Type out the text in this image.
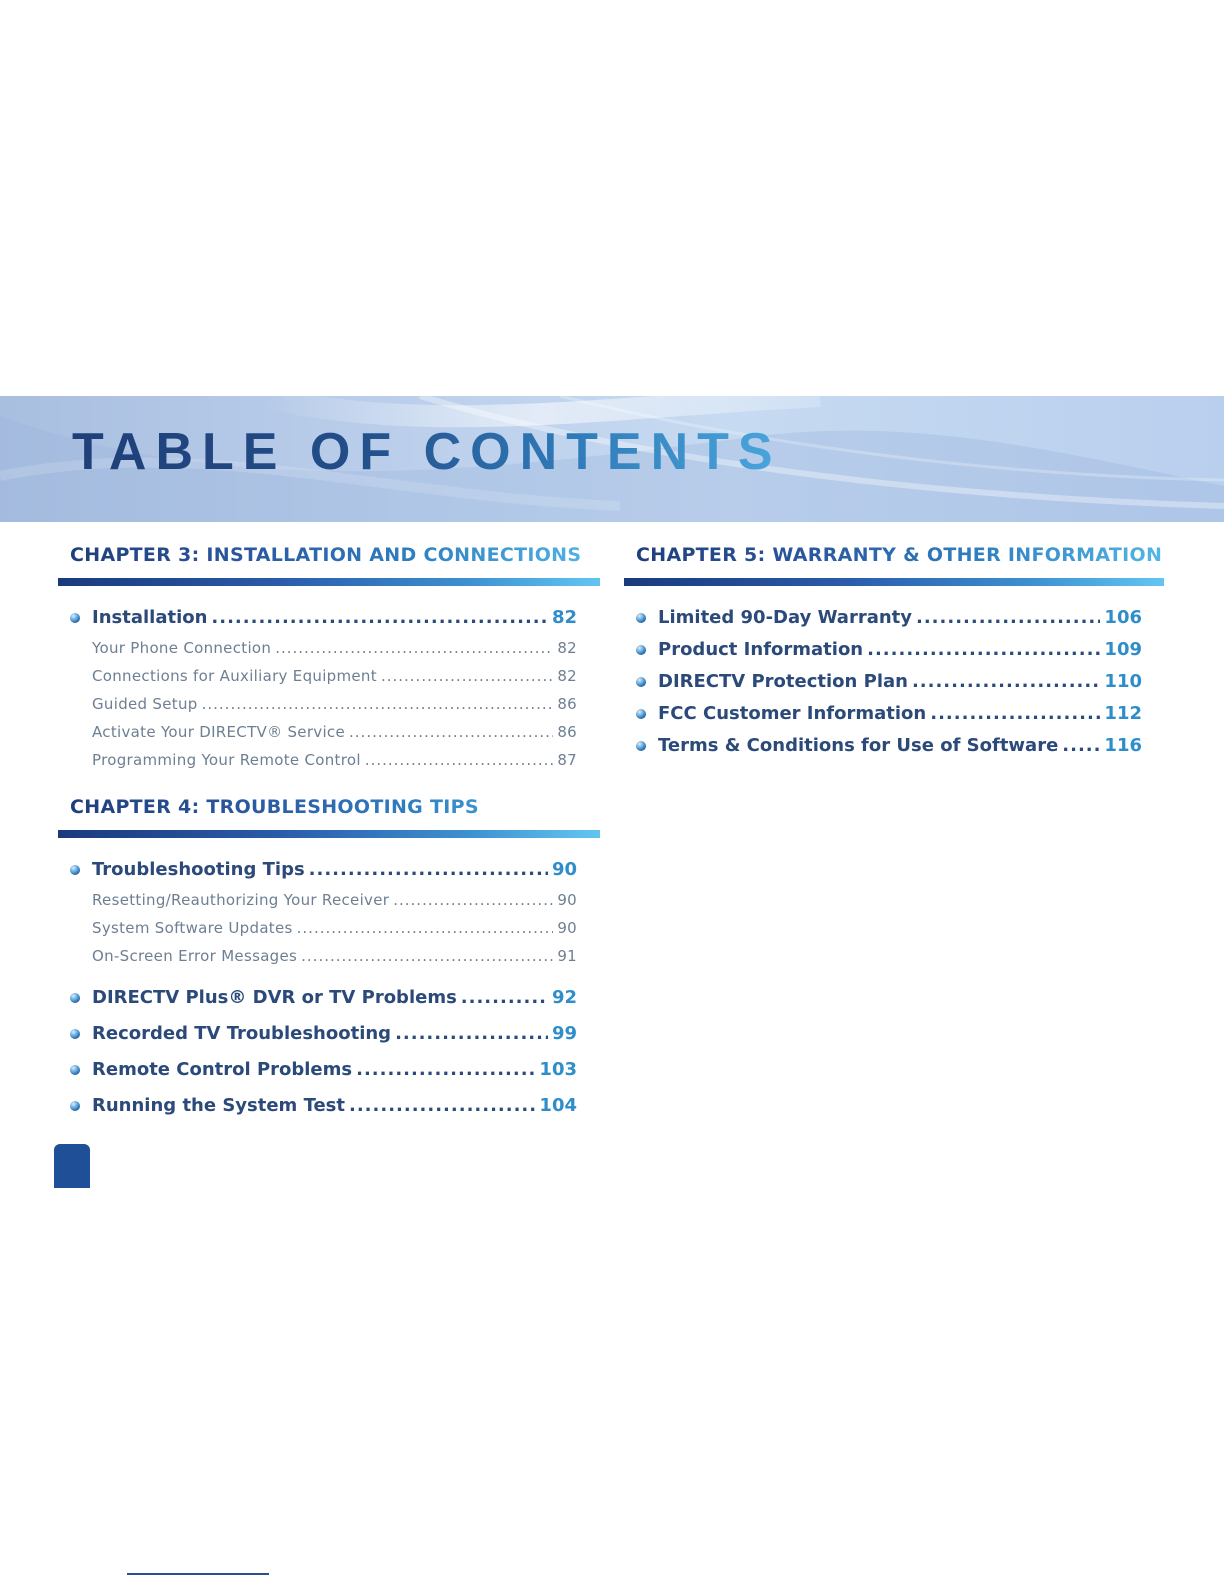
TABLE OF CONTENTS
CHAPTER 3: INSTALLATION AND CONNECTIONS
Installation .....	82
Your Phone Connection .....	82
Connections for Auxiliary Equipment .....	82
Guided Setup .....	86
Activate Your DIRECTV® Service .....	86
Programming Your Remote Control .....	87
CHAPTER 4: TROUBLESHOOTING TIPS
Troubleshooting Tips .....	90
Resetting/Reauthorizing Your Receiver .....	90
System Software Updates .....	90
On-Screen Error Messages .....	91
DIRECTV Plus® DVR or TV Problems .....	92
Recorded TV Troubleshooting .....	99
Remote Control Problems .....	103
Running the System Test .....	104
CHAPTER 5: WARRANTY & OTHER INFORMATION
Limited 90-Day Warranty .....	106
Product Information .....	109
DIRECTV Protection Plan .....	110
FCC Customer Information .....	112
Terms & Conditions for Use of Software .....	116
